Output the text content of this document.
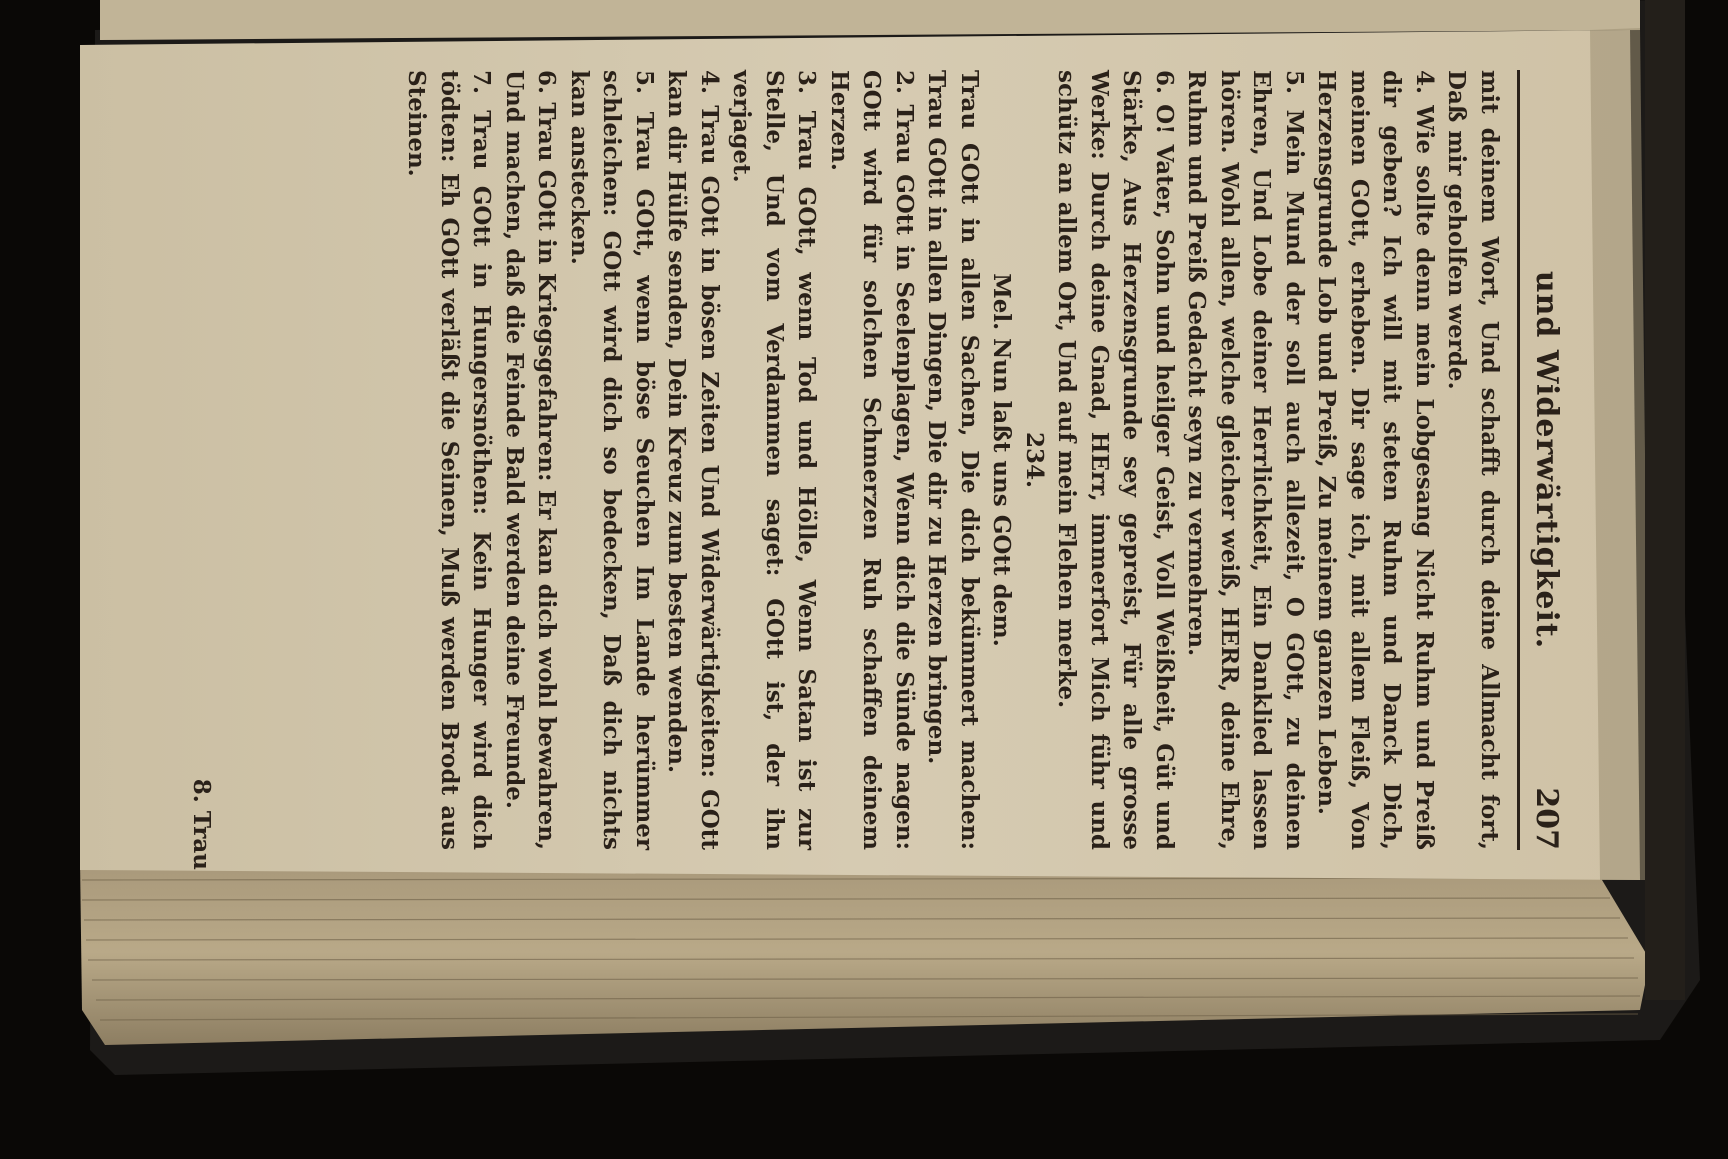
und Widerwärtigkeit.
207

mit deinem Wort, Und schafft durch deine Allmacht fort, Daß mir geholfen werde.

4. Wie sollte denn mein Lobgesang Nicht Ruhm und Preiß dir geben? Ich will mit steten Ruhm und Danck Dich, meinen GOtt, erheben. Dir sage ich, mit allem Fleiß, Von Herzensgrunde Lob und Preiß, Zu meinem ganzen Leben.

5. Mein Mund der soll auch allezeit, O GOtt, zu deinen Ehren, Und Lobe deiner Herrlichkeit, Ein Danklied lassen hören. Wohl allen, welche gleicher weiß, HERR, deine Ehre, Ruhm und Preiß Gedacht seyn zu vermehren.

6. O! Vater, Sohn und heilger Geist, Voll Weißheit, Güt und Stärke, Aus Herzensgrunde sey gepreist, Für alle grosse Werke: Durch deine Gnad, HErr, immerfort Mich führ und schütz an allem Ort, Und auf mein Flehen merke.

234.

Mel. Nun laßt uns GOtt dem.

Trau GOtt in allen Sachen, Die dich bekümmert machen: Trau GOtt in allen Dingen, Die dir zu Herzen bringen.

2. Trau GOtt in Seelenplagen, Wenn dich die Sünde nagen: GOtt wird für solchen Schmerzen Ruh schaffen deinem Herzen.

3. Trau GOtt, wenn Tod und Hölle, Wenn Satan ist zur Stelle, Und vom Verdammen saget: GOtt ist, der ihn verjaget.

4. Trau GOtt in bösen Zeiten Und Widerwärtigkeiten: GOtt kan dir Hülfe senden, Dein Kreuz zum besten wenden.

5. Trau GOtt, wenn böse Seuchen Im Lande herümmer schleichen: GOtt wird dich so bedecken, Daß dich nichts kan anstecken.

6. Trau GOtt in Kriegsgefahren: Er kan dich wohl bewahren, Und machen, daß die Feinde Bald werden deine Freunde.

7. Trau GOtt in Hungersnöthen: Kein Hunger wird dich tödten: Eh GOtt verläßt die Seinen, Muß werden Brodt aus Steinen.

8. Trau
